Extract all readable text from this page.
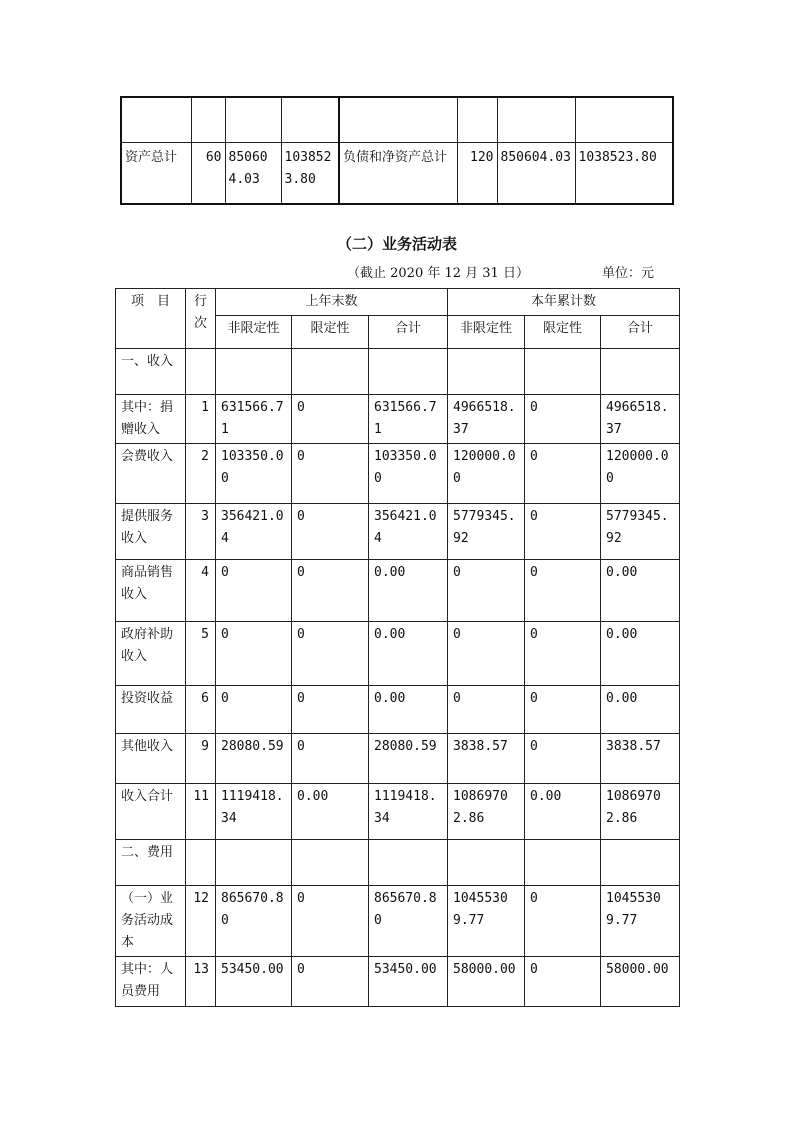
资产总计	60	850604.03	1038523.80	负债和净资产总计	120	850604.03	1038523.80
（二）业务活动表
（截止 2020 年 12 月 31 日）	单位：元
项　目	行次	上年末数			本年累计数		
		非限定性	限定性	合计	非限定性	限定性	合计
一、收入							
其中：捐赠收入	1	631566.71	0	631566.71	4966518.37	0	4966518.37
会费收入	2	103350.00	0	103350.00	120000.00	0	120000.00
提供服务收入	3	356421.04	0	356421.04	5779345.92	0	5779345.92
商品销售收入	4	0	0	0.00	0	0	0.00
政府补助收入	5	0	0	0.00	0	0	0.00
投资收益	6	0	0	0.00	0	0	0.00
其他收入	9	28080.59	0	28080.59	3838.57	0	3838.57
收入合计	11	1119418.34	0.00	1119418.34	10869702.86	0.00	10869702.86
二、费用							
（一）业务活动成本	12	865670.80	0	865670.80	10455309.77	0	10455309.77
其中：人员费用	13	53450.00	0	53450.00	58000.00	0	58000.00
